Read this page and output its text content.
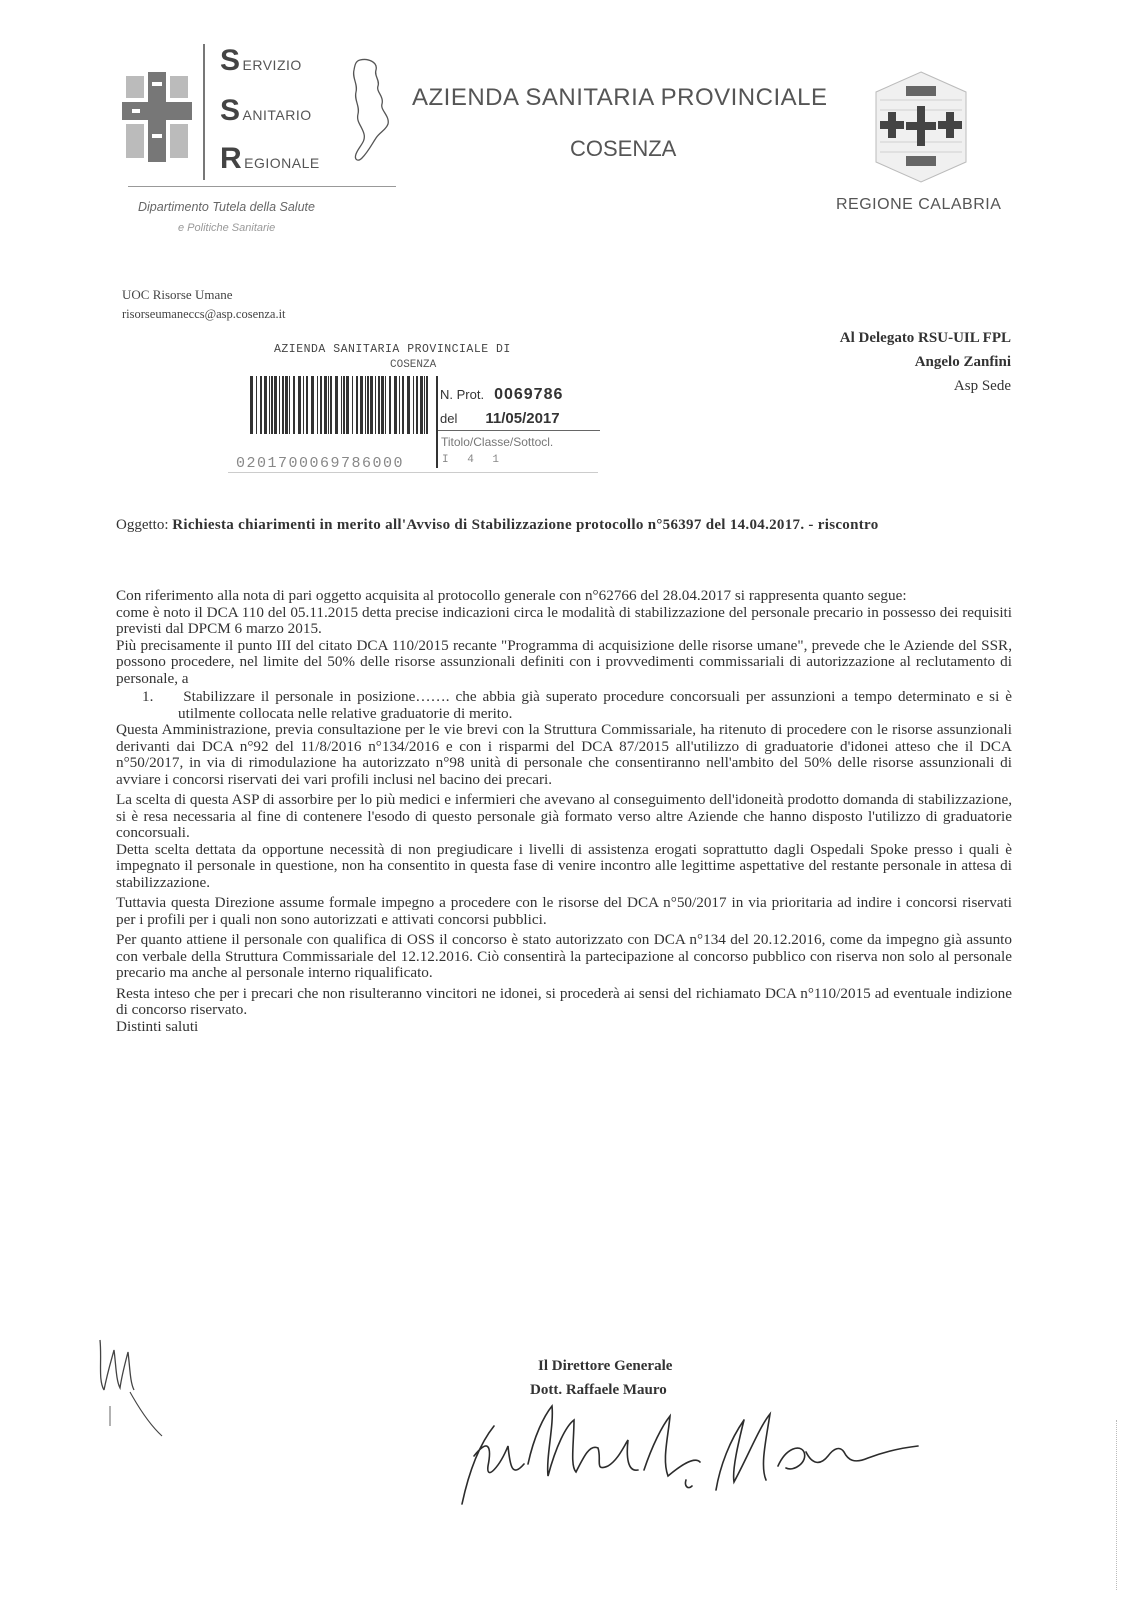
SERVIZIO
SANITARIO
REGIONALE
AZIENDA SANITARIA PROVINCIALE
COSENZA
Dipartimento Tutela della Salute
e Politiche Sanitarie
REGIONE CALABRIA
UOC Risorse Umane
risorseumaneccs@asp.cosenza.it
AZIENDA SANITARIA PROVINCIALE DI
COSENZA
N. Prot. 0069786
del 11/05/2017
Titolo/Classe/Sottocl.
I 4 1
0201700069786000
Al Delegato RSU-UIL FPL
Angelo Zanfini
Asp Sede
Oggetto: Richiesta chiarimenti in merito all'Avviso di Stabilizzazione protocollo n°56397 del 14.04.2017. - riscontro

Con riferimento alla nota di pari oggetto acquisita al protocollo generale con n°62766 del 28.04.2017 si rappresenta quanto segue:

come è noto il DCA 110 del 05.11.2015 detta precise indicazioni circa le modalità di stabilizzazione del personale precario in possesso dei requisiti previsti dal DPCM 6 marzo 2015.

Più precisamente il punto III del citato DCA 110/2015 recante "Programma di acquisizione delle risorse umane", prevede che le Aziende del SSR, possono procedere, nel limite del 50% delle risorse assunzionali definiti con i provvedimenti commissariali di autorizzazione al reclutamento di personale, a

1. Stabilizzare il personale in posizione……. che abbia già superato procedure concorsuali per assunzioni a tempo determinato e si è utilmente collocata nelle relative graduatorie di merito.

Questa Amministrazione, previa consultazione per le vie brevi con la Struttura Commissariale, ha ritenuto di procedere con le risorse assunzionali derivanti dai DCA n°92 del 11/8/2016 n°134/2016 e con i risparmi del DCA 87/2015 all'utilizzo di graduatorie d'idonei atteso che il DCA n°50/2017, in via di rimodulazione ha autorizzato n°98 unità di personale che consentiranno nell'ambito del 50% delle risorse assunzionali di avviare i concorsi riservati dei vari profili inclusi nel bacino dei precari.

La scelta di questa ASP di assorbire per lo più medici e infermieri che avevano al conseguimento dell'idoneità prodotto domanda di stabilizzazione, si è resa necessaria al fine di contenere l'esodo di questo personale già formato verso altre Aziende che hanno disposto l'utilizzo di graduatorie concorsuali.

Detta scelta dettata da opportune necessità di non pregiudicare i livelli di assistenza erogati soprattutto dagli Ospedali Spoke presso i quali è impegnato il personale in questione, non ha consentito in questa fase di venire incontro alle legittime aspettative del restante personale in attesa di stabilizzazione.

Tuttavia questa Direzione assume formale impegno a procedere con le risorse del DCA n°50/2017 in via prioritaria ad indire i concorsi riservati per i profili per i quali non sono autorizzati e attivati concorsi pubblici.

Per quanto attiene il personale con qualifica di OSS il concorso è stato autorizzato con DCA n°134 del 20.12.2016, come da impegno già assunto con verbale della Struttura Commissariale del 12.12.2016. Ciò consentirà la partecipazione al concorso pubblico con riserva non solo al personale precario ma anche al personale interno riqualificato.

Resta inteso che per i precari che non risulteranno vincitori ne idonei, si procederà ai sensi del richiamato DCA n°110/2015 ad eventuale indizione di concorso riservato.

Distinti saluti

Il Direttore Generale
Dott. Raffaele Mauro
